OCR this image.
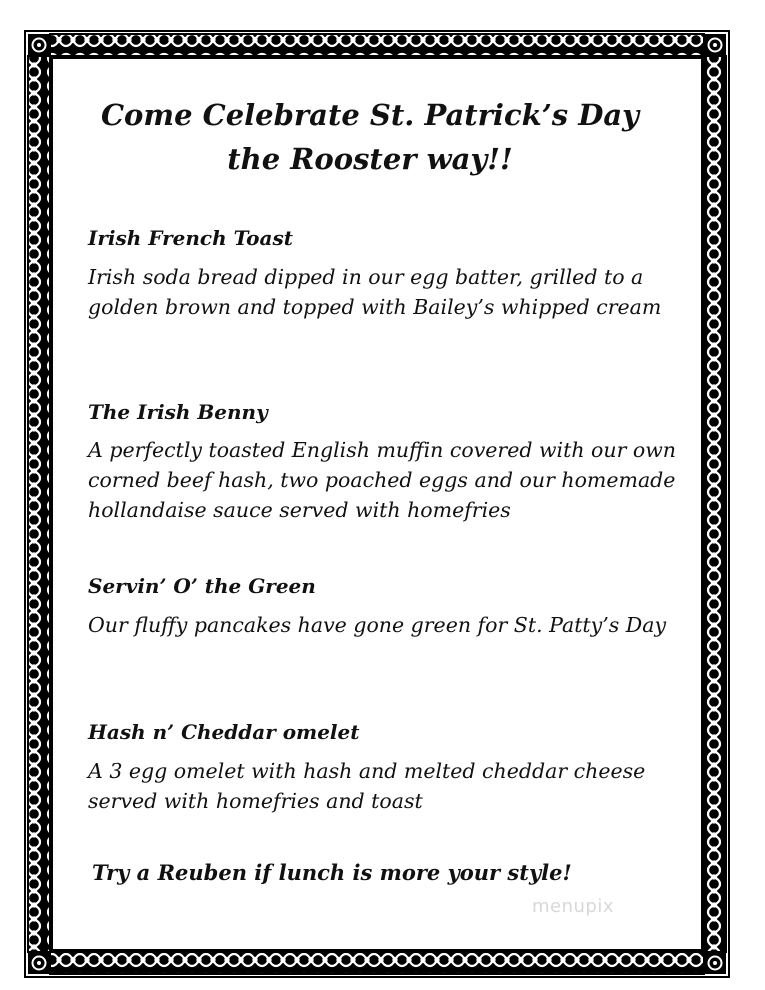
Come Celebrate St. Patrick’s Day
the Rooster way!!
Irish French Toast

Irish soda bread dipped in our egg batter, grilled to a golden brown and topped with Bailey’s whipped cream

The Irish Benny

A perfectly toasted English muffin covered with our own corned beef hash, two poached eggs and our homemade hollandaise sauce served with homefries

Servin’ O’ the Green

Our fluffy pancakes have gone green for St. Patty’s Day

Hash n’ Cheddar omelet

A 3 egg omelet with hash and melted cheddar cheese served with homefries and toast

Try a Reuben if lunch is more your style!

menupix
